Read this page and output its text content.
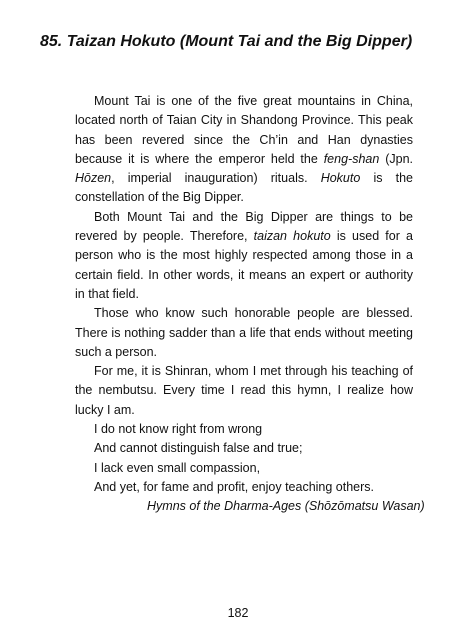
85. Taizan Hokuto (Mount Tai and the Big Dipper)

Mount Tai is one of the five great mountains in China, located north of Taian City in Shandong Province. This peak has been revered since the Ch’in and Han dynasties because it is where the emperor held the feng-shan (Jpn. Hōzen, imperial inauguration) rituals. Hokuto is the constellation of the Big Dipper.

Both Mount Tai and the Big Dipper are things to be revered by people. Therefore, taizan hokuto is used for a person who is the most highly respected among those in a certain field. In other words, it means an expert or authority in that field.

Those who know such honorable people are blessed. There is nothing sadder than a life that ends without meeting such a person.

For me, it is Shinran, whom I met through his teaching of the nembutsu. Every time I read this hymn, I realize how lucky I am.

I do not know right from wrong
And cannot distinguish false and true;
I lack even small compassion,
And yet, for fame and profit, enjoy teaching others.
Hymns of the Dharma-Ages (Shōzōmatsu Wasan)
182
